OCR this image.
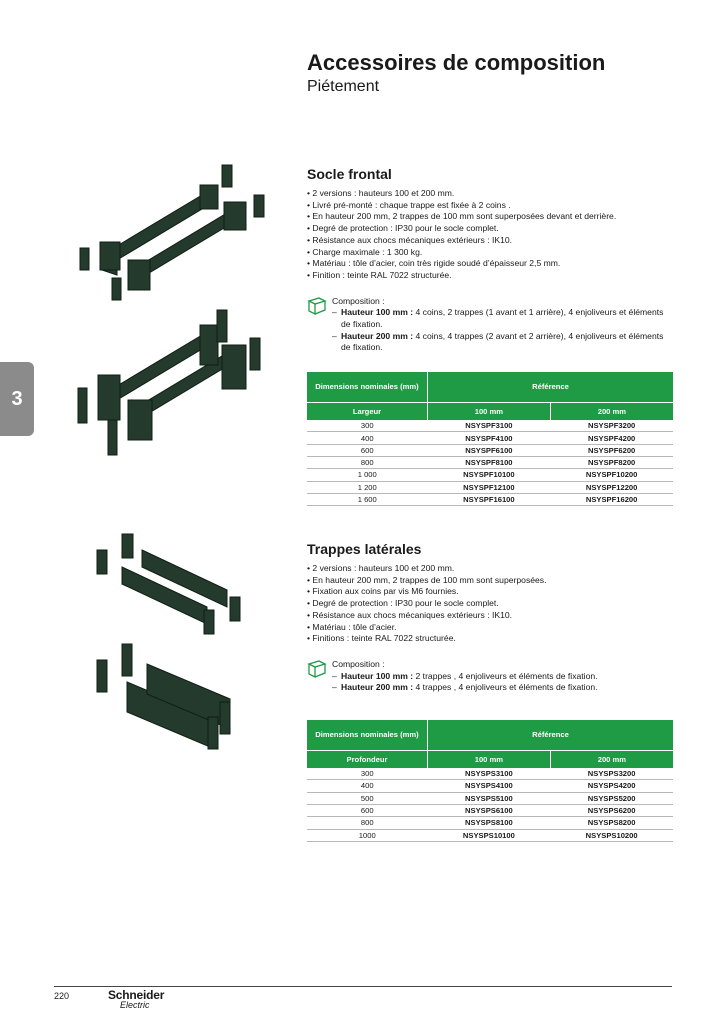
Accessoires de composition

Piétement

3
Socle frontal
• 2 versions : hauteurs 100 et 200 mm.
• Livré pré-monté : chaque trappe est fixée à 2 coins .
• En hauteur 200 mm, 2 trappes de 100 mm sont superposées devant et derrière.
• Degré de protection : IP30 pour le socle complet.
• Résistance aux chocs mécaniques extérieurs : IK10.
• Charge maximale : 1 300 kg.
• Matériau : tôle d’acier, coin très rigide soudé d’épaisseur 2,5 mm.
• Finition : teinte RAL 7022 structurée.
Composition :
– Hauteur 100 mm : 4 coins, 2 trappes (1 avant et 1 arrière), 4 enjoliveurs et éléments de fixation.
– Hauteur 200 mm : 4 coins, 4 trappes (2 avant et 2 arrière), 4 enjoliveurs et éléments de fixation.
Dimensions nominales (mm)	Référence	
Largeur	100 mm	200 mm
300	NSYSPF3100	NSYSPF3200
400	NSYSPF4100	NSYSPF4200
600	NSYSPF6100	NSYSPF6200
800	NSYSPF8100	NSYSPF8200
1 000	NSYSPF10100	NSYSPF10200
1 200	NSYSPF12100	NSYSPF12200
1 600	NSYSPF16100	NSYSPF16200
Trappes latérales
• 2 versions : hauteurs 100 et 200 mm.
• En hauteur 200 mm, 2 trappes de 100 mm sont superposées.
• Fixation aux coins par vis M6 fournies.
• Degré de protection : IP30 pour le socle complet.
• Résistance aux chocs mécaniques extérieurs : IK10.
• Matériau : tôle d’acier.
• Finitions : teinte RAL 7022 structurée.
Composition :
– Hauteur 100 mm : 2 trappes , 4 enjoliveurs et éléments de fixation.
– Hauteur 200 mm : 4 trappes , 4 enjoliveurs et éléments de fixation.
Dimensions nominales (mm)	Référence	
Profondeur	100 mm	200 mm
300	NSYSPS3100	NSYSPS3200
400	NSYSPS4100	NSYSPS4200
500	NSYSPS5100	NSYSPS5200
600	NSYSPS6100	NSYSPS6200
800	NSYSPS8100	NSYSPS8200
1000	NSYSPS10100	NSYSPS10200
220	Schneider
Electric
